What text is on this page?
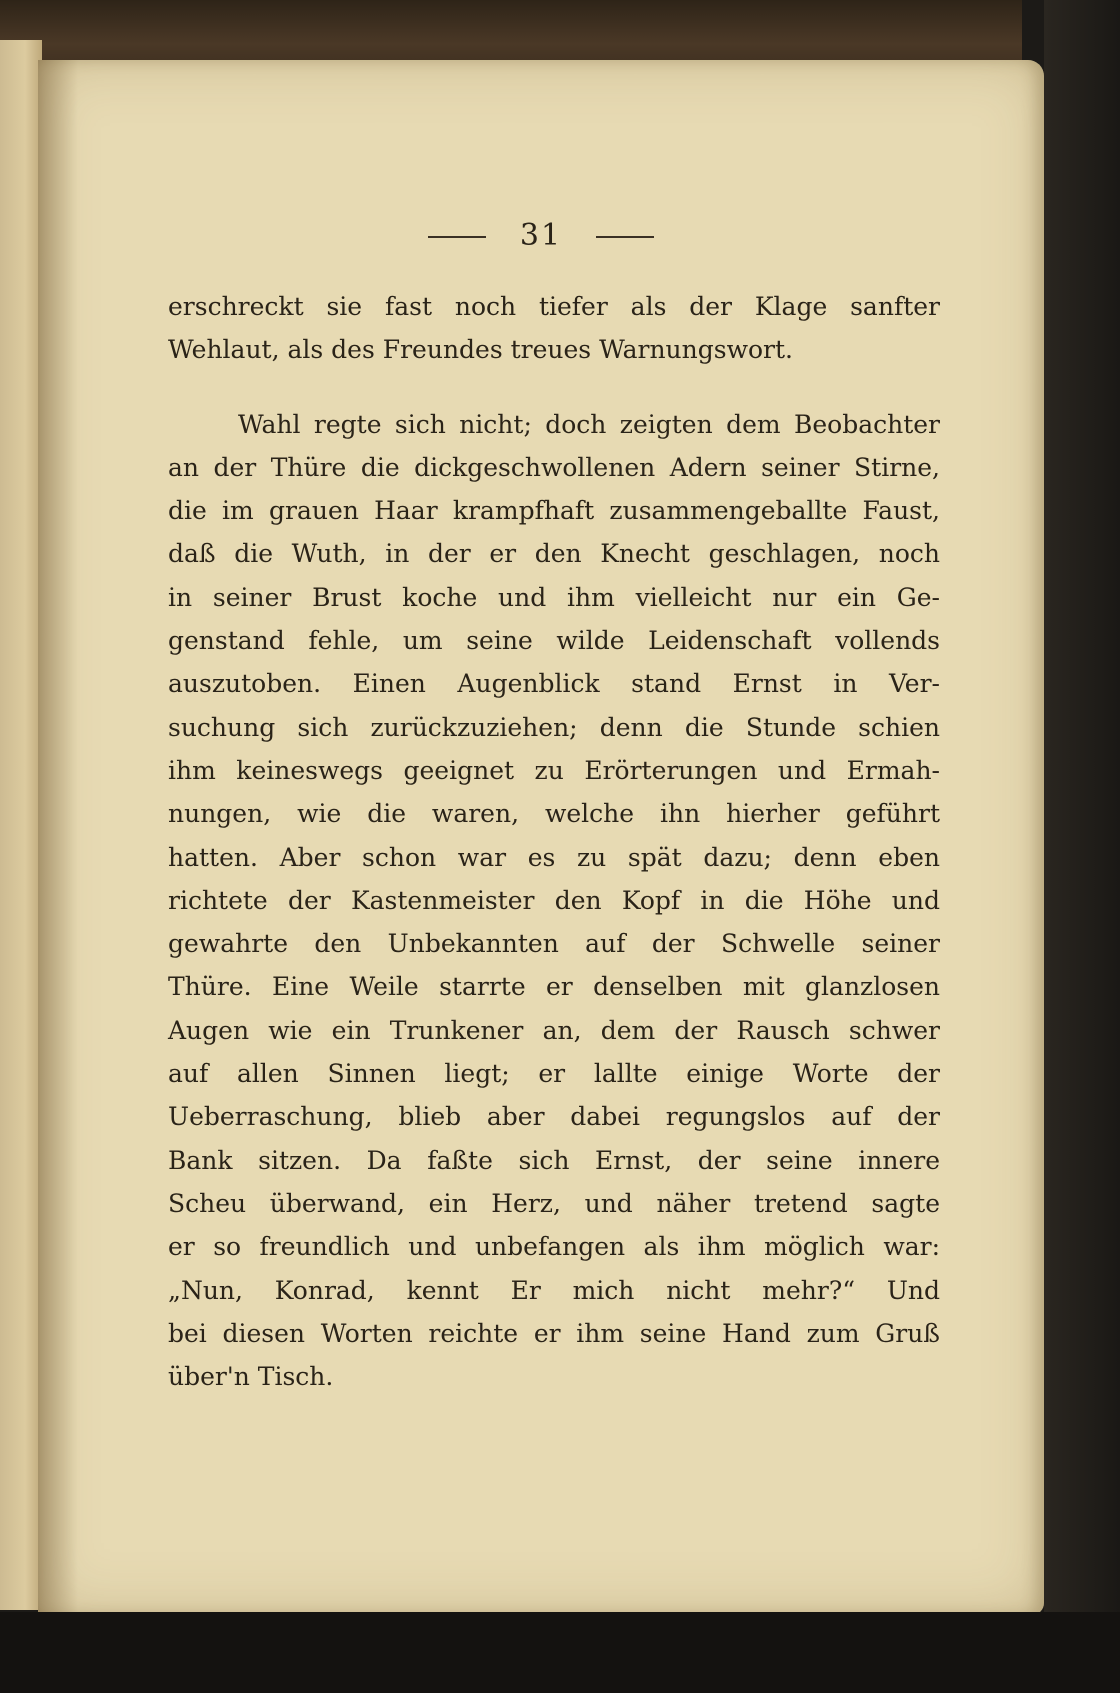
31
erschreckt sie fast noch tiefer als der Klage sanfter
Wehlaut, als des Freundes treues Warnungswort.
Wahl regte sich nicht; doch zeigten dem Beobachter
an der Thüre die dickgeschwollenen Adern seiner Stirne,
die im grauen Haar krampfhaft zusammengeballte Faust,
daß die Wuth, in der er den Knecht geschlagen, noch
in seiner Brust koche und ihm vielleicht nur ein Ge-
genstand fehle, um seine wilde Leidenschaft vollends
auszutoben. Einen Augenblick stand Ernst in Ver-
suchung sich zurückzuziehen; denn die Stunde schien
ihm keineswegs geeignet zu Erörterungen und Ermah-
nungen, wie die waren, welche ihn hierher geführt
hatten. Aber schon war es zu spät dazu; denn eben
richtete der Kastenmeister den Kopf in die Höhe und
gewahrte den Unbekannten auf der Schwelle seiner
Thüre. Eine Weile starrte er denselben mit glanzlosen
Augen wie ein Trunkener an, dem der Rausch schwer
auf allen Sinnen liegt; er lallte einige Worte der
Ueberraschung, blieb aber dabei regungslos auf der
Bank sitzen. Da faßte sich Ernst, der seine innere
Scheu überwand, ein Herz, und näher tretend sagte
er so freundlich und unbefangen als ihm möglich war:
„Nun, Konrad, kennt Er mich nicht mehr?“ Und
bei diesen Worten reichte er ihm seine Hand zum Gruß
über'n Tisch.
